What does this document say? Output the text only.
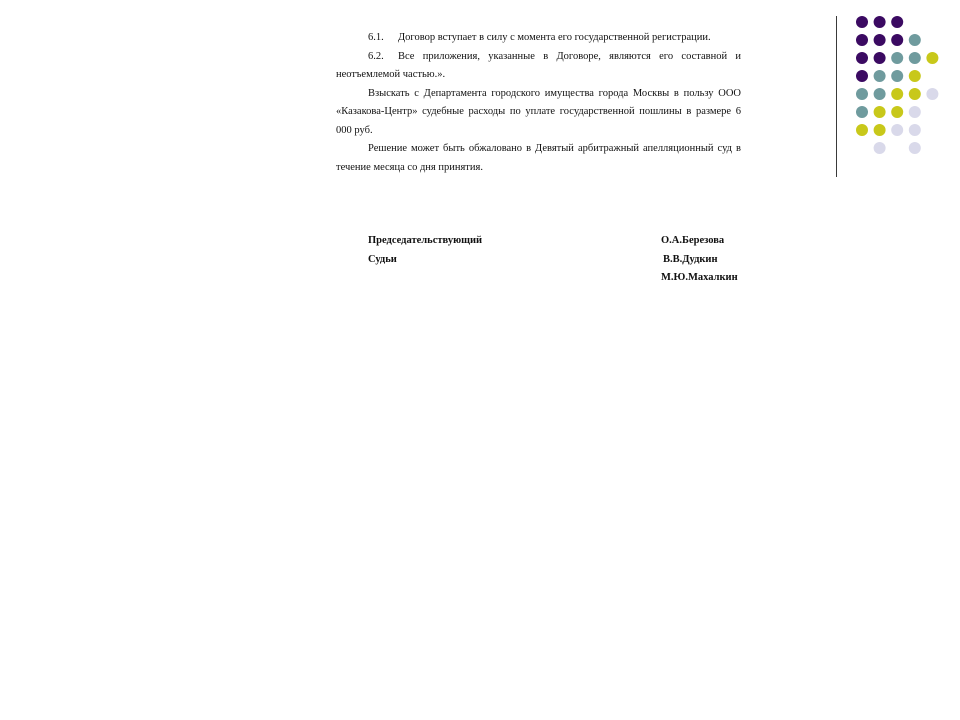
6.1. Договор вступает в силу с момента его государственной регистрации.

6.2. Все приложения, указанные в Договоре, являются его составной и неотъемлемой частью.».

Взыскать с Департамента городского имущества города Москвы в пользу ООО «Казакова-Центр» судебные расходы по уплате государственной пошлины в размере 6 000 руб.

Решение может быть обжаловано в Девятый арбитражный апелляционный суд в течение месяца со дня принятия.

Председательствующий	О.А.Березова
Судьи	В.В.Дудкин
М.Ю.Махалкин
